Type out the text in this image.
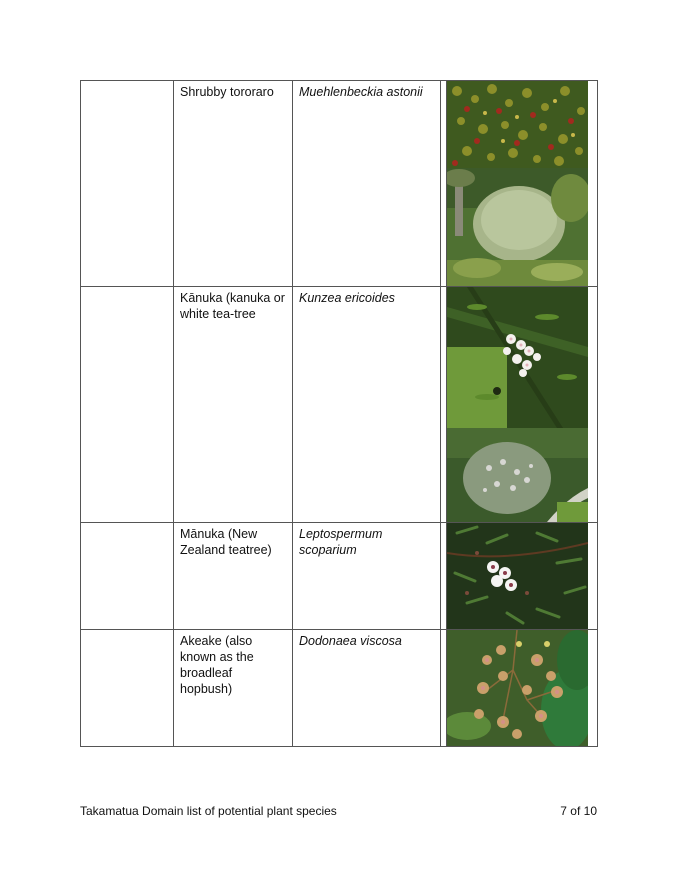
	Shrubby tororaro	Muehlenbeckia astonii

	Kānuka (kanuka or white tea-tree	Kunzea ericoides

	Mānuka (New Zealand teatree)	Leptospermum scoparium

	Akeake (also known as the broadleaf hopbush)	Dodonaea viscosa

Takamatua Domain list of potential plant species	7 of 10
